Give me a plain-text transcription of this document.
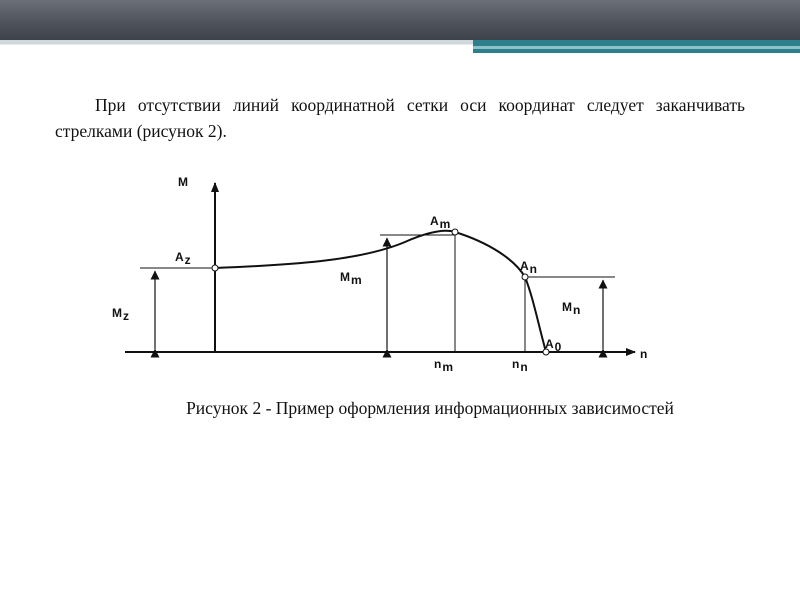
При отсутствии линий координатной сетки оси координат следует заканчивать стрелками (рисунок 2).

M
n
Az
Am
An
A0
Mz
Mm
Mn
nm	nn
Рисунок 2 - Пример оформления информационных зависимостей
